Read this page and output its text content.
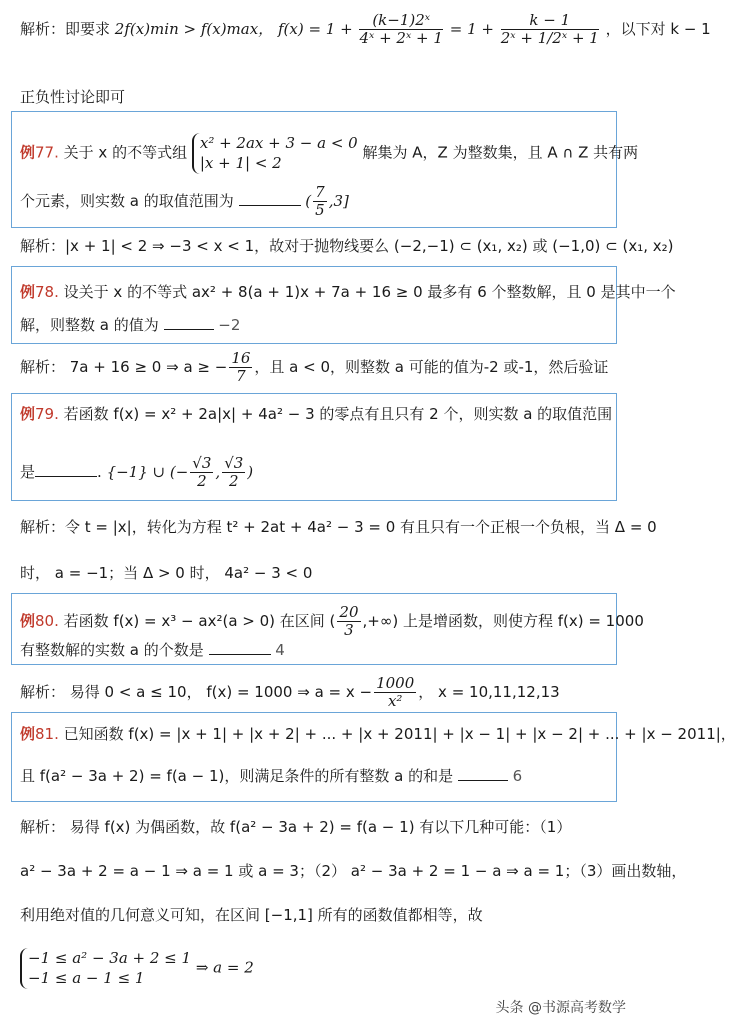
解析：即要求 2f(x)min > f(x)max， $f(x) = 1 + \frac{\text{(k−1)2ˣ}}{\text{4ˣ + 2ˣ + 1}} = 1 + \frac{k - 1}{\text{2ˣ + 1/2ˣ + 1}}$ ，以下对 k − 1
正负性讨论即可
例77. 关于 x 的不等式组
x² + 2ax + 3 − a < 0
|x + 1| < 2
解集为 A，Z 为整数集，且 A ∩ Z 共有两
个元素，则实数 a 的取值范围为	( $\frac{7}{5} ,3$]
解析：|x + 1| < 2 ⇒ −3 < x < 1，故对于抛物线要么 (−2,−1) ⊂ (x₁, x₂) 或 (−1,0) ⊂ (x₁, x₂)
例78. 设关于 x 的不等式 ax² + 8(a + 1)x + 7a + 16 ≥ 0 最多有 6 个整数解，且 0 是其中一个
解，则整数 a 的值为	−2
解析： 7a + 16 ≥ 0 ⇒ a ≥ − $\frac{16}{7}$ ，且 a < 0，则整数 a 可能的值为-2 或-1，然后验证
例79. 若函数 f(x) = x² + 2a|x| + 4a² − 3 的零点有且只有 2 个，则实数 a 的取值范围
是	. {−1} ∪ (− $\frac{√3}{2}$ , $\frac{√3}{2}$ )
解析：令 t = |x|，转化为方程 t² + 2at + 4a² − 3 = 0 有且只有一个正根一个负根，当 Δ = 0
时， a = −1；当 Δ > 0 时， 4a² − 3 < 0
例80. 若函数 f(x) = x³ − ax²(a > 0) 在区间 ( $\frac{20}{3}$ ,+∞) 上是增函数，则使方程 f(x) = 1000
有整数解的实数 a 的个数是	4
解析： 易得 0 < a ≤ 10， f(x) = 1000 ⇒ $a = x - \frac{1000}{\text{x²}}$ ， x = 10,11,12,13
例81. 已知函数 f(x) = |x + 1| + |x + 2| + ... + |x + 2011| + |x − 1| + |x − 2| + ... + |x − 2011|，
且 f(a² − 3a + 2) = f(a − 1)，则满足条件的所有整数 a 的和是	6
解析： 易得 f(x) 为偶函数，故 f(a² − 3a + 2) = f(a − 1) 有以下几种可能：（1）
a² − 3a + 2 = a − 1 ⇒ a = 1 或 a = 3；（2） a² − 3a + 2 = 1 − a ⇒ a = 1；（3）画出数轴，
利用绝对值的几何意义可知，在区间 [−1,1] 所有的函数值都相等，故
−1 ≤ a² − 3a + 2 ≤ 1
−1 ≤ a − 1 ≤ 1
⇒ a = 2
头条 @书源高考数学
